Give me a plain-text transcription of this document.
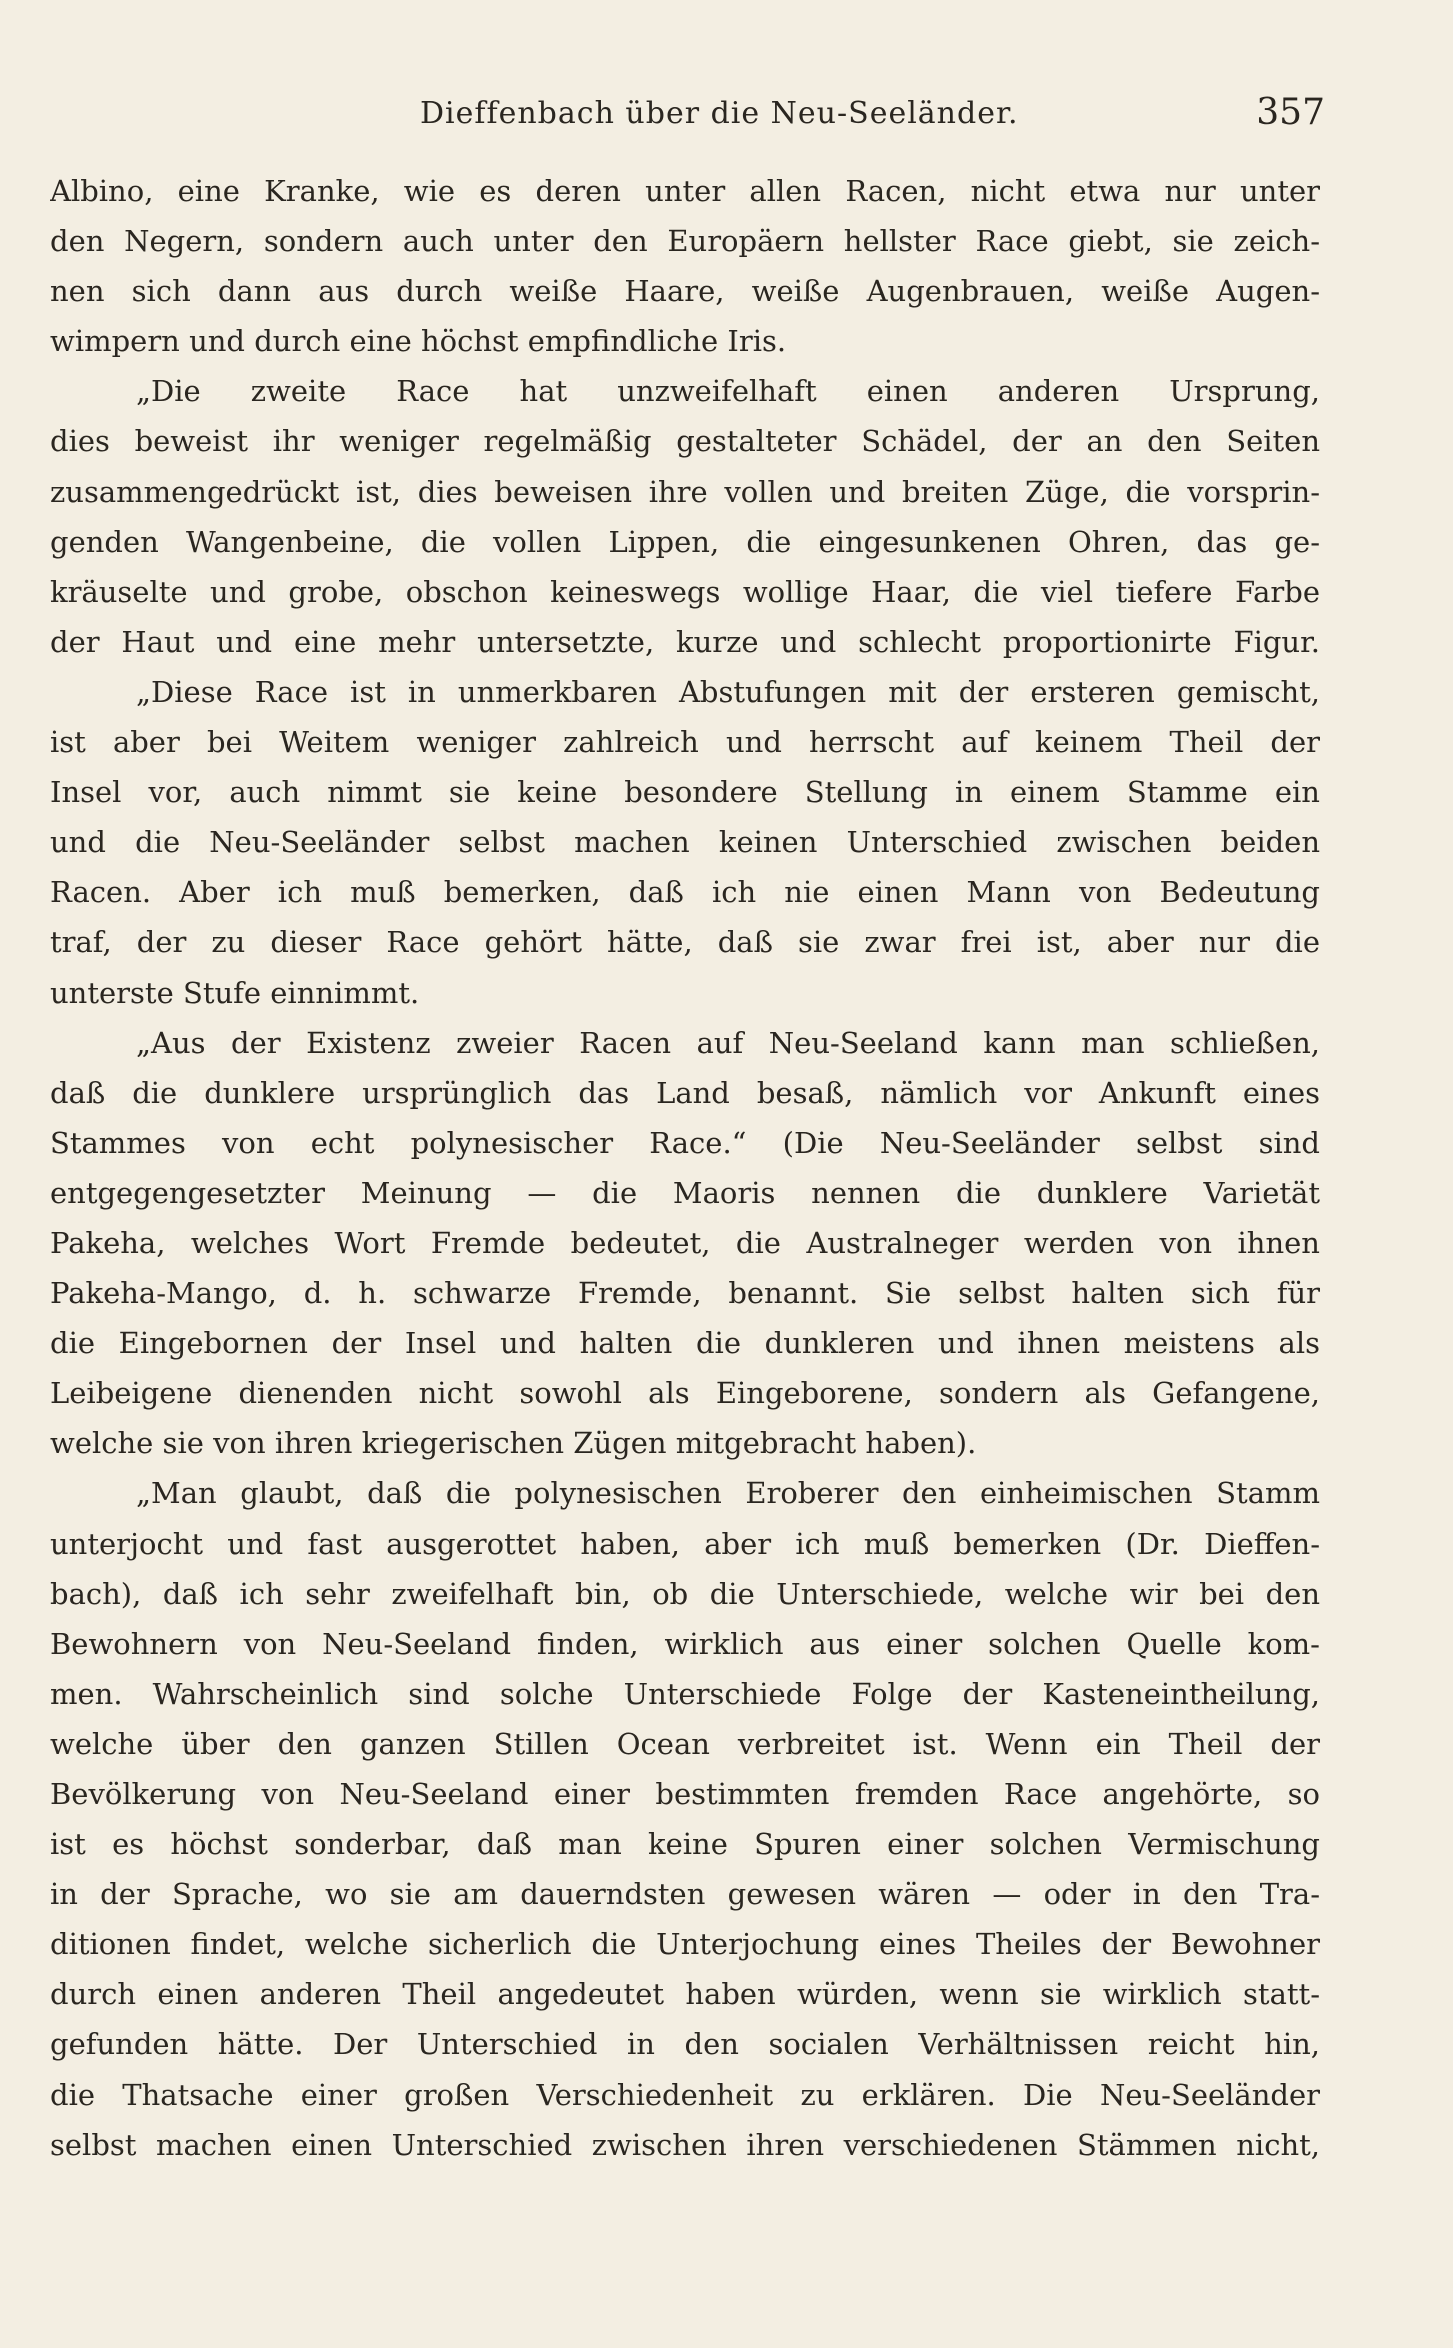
Dieffenbach über die Neu-Seeländer.	357
Albino, eine Kranke, wie es deren unter allen Racen, nicht etwa nur unter
den Negern, sondern auch unter den Europäern hellster Race giebt, sie zeich-
nen sich dann aus durch weiße Haare, weiße Augenbrauen, weiße Augen-
wimpern und durch eine höchst empfindliche Iris.
„Die zweite Race hat unzweifelhaft einen anderen Ursprung,
dies beweist ihr weniger regelmäßig gestalteter Schädel, der an den Seiten
zusammengedrückt ist, dies beweisen ihre vollen und breiten Züge, die vorsprin-
genden Wangenbeine, die vollen Lippen, die eingesunkenen Ohren, das ge-
kräuselte und grobe, obschon keineswegs wollige Haar, die viel tiefere Farbe
der Haut und eine mehr untersetzte, kurze und schlecht proportionirte Figur.
„Diese Race ist in unmerkbaren Abstufungen mit der ersteren gemischt,
ist aber bei Weitem weniger zahlreich und herrscht auf keinem Theil der
Insel vor, auch nimmt sie keine besondere Stellung in einem Stamme ein
und die Neu-Seeländer selbst machen keinen Unterschied zwischen beiden
Racen. Aber ich muß bemerken, daß ich nie einen Mann von Bedeutung
traf, der zu dieser Race gehört hätte, daß sie zwar frei ist, aber nur die
unterste Stufe einnimmt.
„Aus der Existenz zweier Racen auf Neu-Seeland kann man schließen,
daß die dunklere ursprünglich das Land besaß, nämlich vor Ankunft eines
Stammes von echt polynesischer Race.“ (Die Neu-Seeländer selbst sind
entgegengesetzter Meinung — die Maoris nennen die dunklere Varietät
Pakeha, welches Wort Fremde bedeutet, die Australneger werden von ihnen
Pakeha-Mango, d. h. schwarze Fremde, benannt. Sie selbst halten sich für
die Eingebornen der Insel und halten die dunkleren und ihnen meistens als
Leibeigene dienenden nicht sowohl als Eingeborene, sondern als Gefangene,
welche sie von ihren kriegerischen Zügen mitgebracht haben).
„Man glaubt, daß die polynesischen Eroberer den einheimischen Stamm
unterjocht und fast ausgerottet haben, aber ich muß bemerken (Dr. Dieffen-
bach), daß ich sehr zweifelhaft bin, ob die Unterschiede, welche wir bei den
Bewohnern von Neu-Seeland finden, wirklich aus einer solchen Quelle kom-
men. Wahrscheinlich sind solche Unterschiede Folge der Kasteneintheilung,
welche über den ganzen Stillen Ocean verbreitet ist. Wenn ein Theil der
Bevölkerung von Neu-Seeland einer bestimmten fremden Race angehörte, so
ist es höchst sonderbar, daß man keine Spuren einer solchen Vermischung
in der Sprache, wo sie am dauerndsten gewesen wären — oder in den Tra-
ditionen findet, welche sicherlich die Unterjochung eines Theiles der Bewohner
durch einen anderen Theil angedeutet haben würden, wenn sie wirklich statt-
gefunden hätte. Der Unterschied in den socialen Verhältnissen reicht hin,
die Thatsache einer großen Verschiedenheit zu erklären. Die Neu-Seeländer
selbst machen einen Unterschied zwischen ihren verschiedenen Stämmen nicht,
